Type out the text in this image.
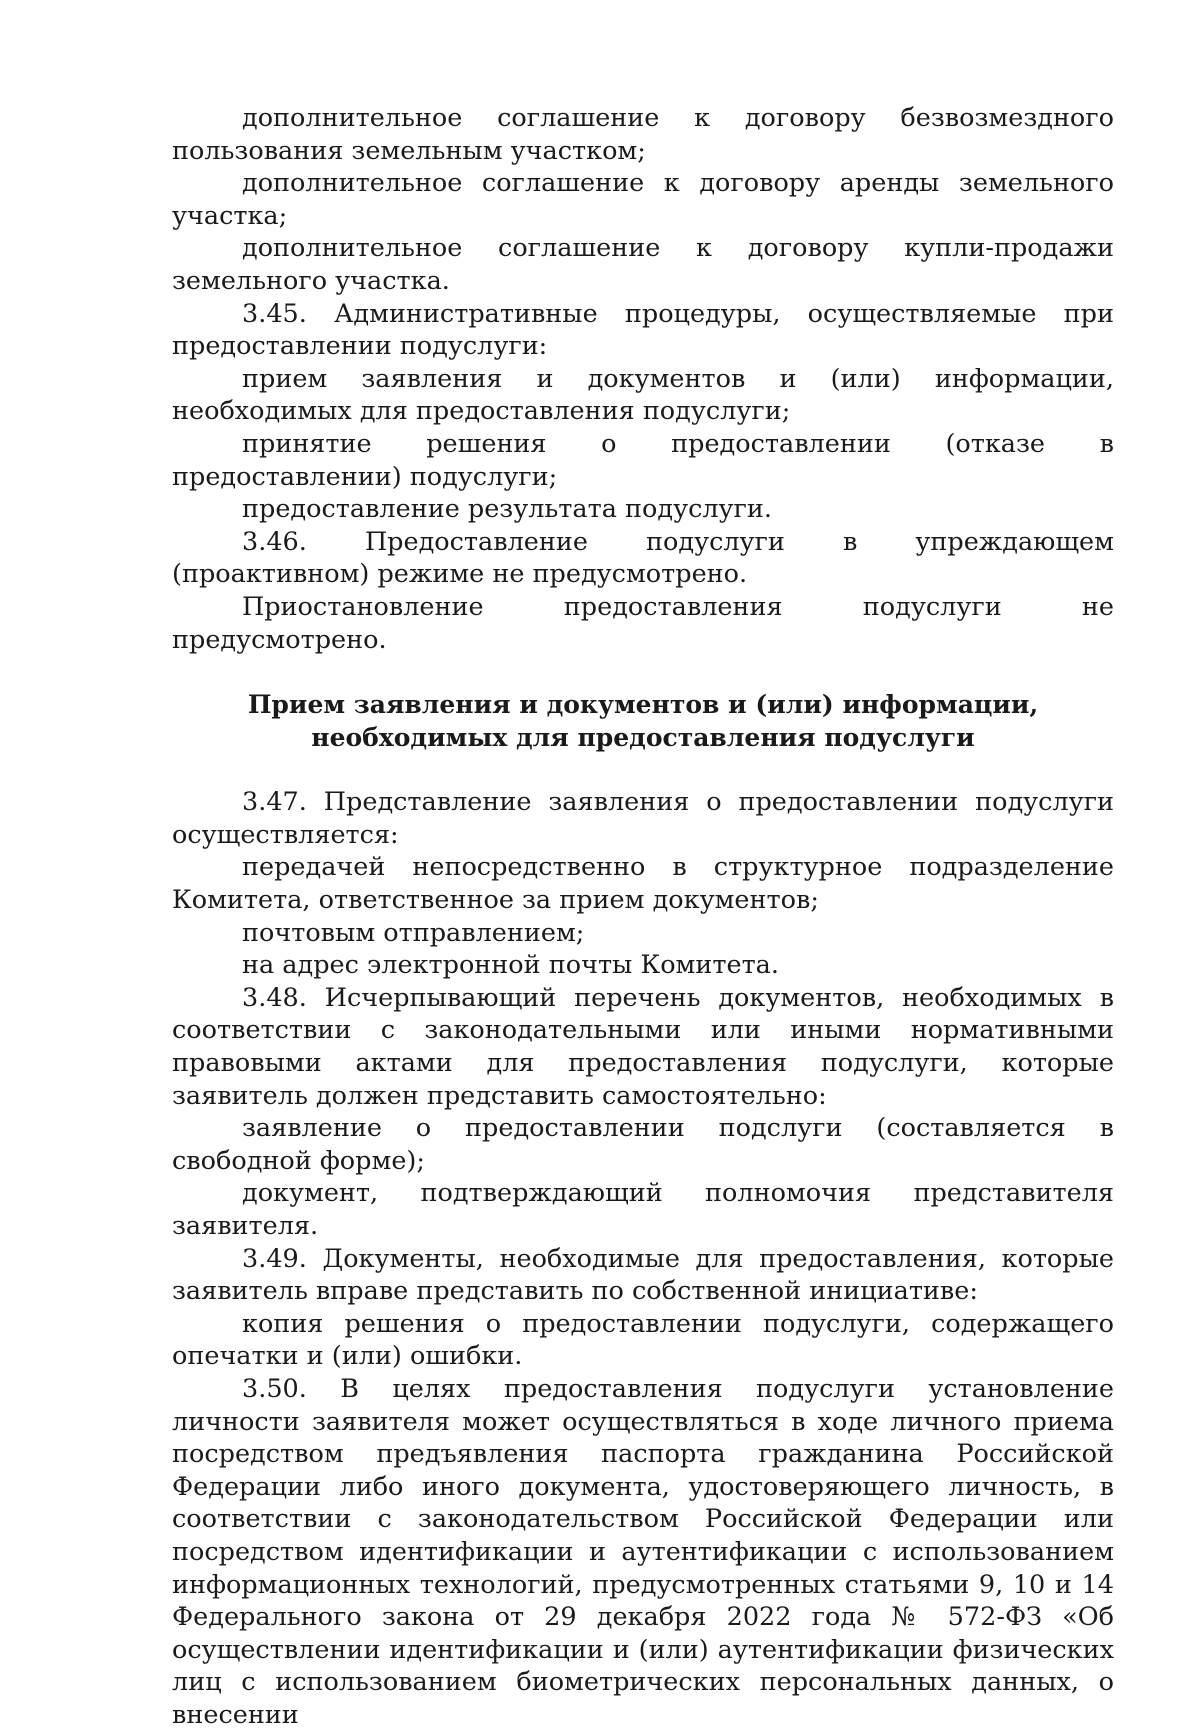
дополнительное соглашение к договору безвозмездного пользования земельным участком;

дополнительное соглашение к договору аренды земельного участка;

дополнительное соглашение к договору купли-продажи земельного участка.

3.45. Административные процедуры, осуществляемые при предоставлении подуслуги:

прием заявления и документов и (или) информации, необходимых для предоставления подуслуги;

принятие решения о предоставлении (отказе в предоставлении) подуслуги;

предоставление результата подуслуги.

3.46. Предоставление подуслуги в упреждающем (проактивном) режиме не предусмотрено.

Приостановление предоставления подуслуги не предусмотрено.

Прием заявления и документов и (или) информации,
необходимых для предоставления подуслуги

3.47. Представление заявления о предоставлении подуслуги осуществляется:

передачей непосредственно в структурное подразделение Комитета, ответственное за прием документов;

почтовым отправлением;

на адрес электронной почты Комитета.

3.48. Исчерпывающий перечень документов, необходимых в соответствии с законодательными или иными нормативными правовыми актами для предоставления подуслуги, которые заявитель должен представить самостоятельно:

заявление о предоставлении подслуги (составляется в свободной форме);

документ, подтверждающий полномочия представителя заявителя.

3.49. Документы, необходимые для предоставления, которые заявитель вправе представить по собственной инициативе:

копия решения о предоставлении подуслуги, содержащего опечатки и (или) ошибки.

3.50. В целях предоставления подуслуги установление личности заявителя может осуществляться в ходе личного приема посредством предъявления паспорта гражданина Российской Федерации либо иного документа, удостоверяющего личность, в соответствии с законодательством Российской Федерации или посредством идентификации и аутентификации с использованием информационных технологий, предусмотренных статьями 9, 10 и 14 Федерального закона от 29 декабря 2022 года № 572-ФЗ «Об осуществлении идентификации и (или) аутентификации физических лиц с использованием биометрических персональных данных, о внесении
